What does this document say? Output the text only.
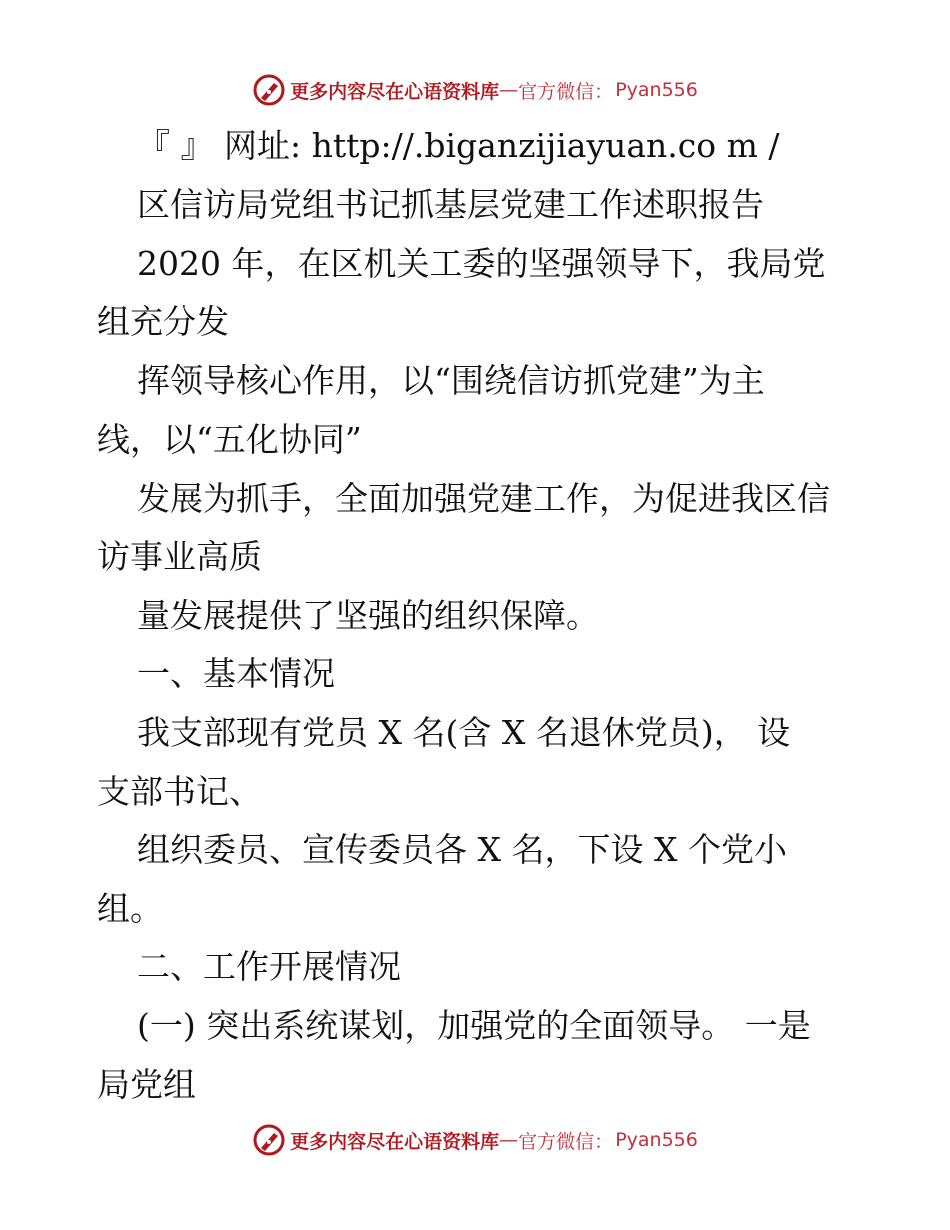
更多内容尽在心语资料库 — 官方微信： Pyan556
『 』 网址: http://.biganzijiayuan.co m /
区信访局党组书记抓基层党建工作述职报告
2020 年，在区机关工委的坚强领导下，我局党
组充分发
挥领导核心作用，以“围绕信访抓党建”为主
线，以“五化协同”
发展为抓手，全面加强党建工作，为促进我区信
访事业高质
量发展提供了坚强的组织保障。
一、基本情况
我支部现有党员 X 名(含 X 名退休党员)， 设
支部书记、
组织委员、宣传委员各 X 名，下设 X 个党小
组。
二、工作开展情况
(一) 突出系统谋划，加强党的全面领导。 一是
局党组
更多内容尽在心语资料库 — 官方微信： Pyan556
